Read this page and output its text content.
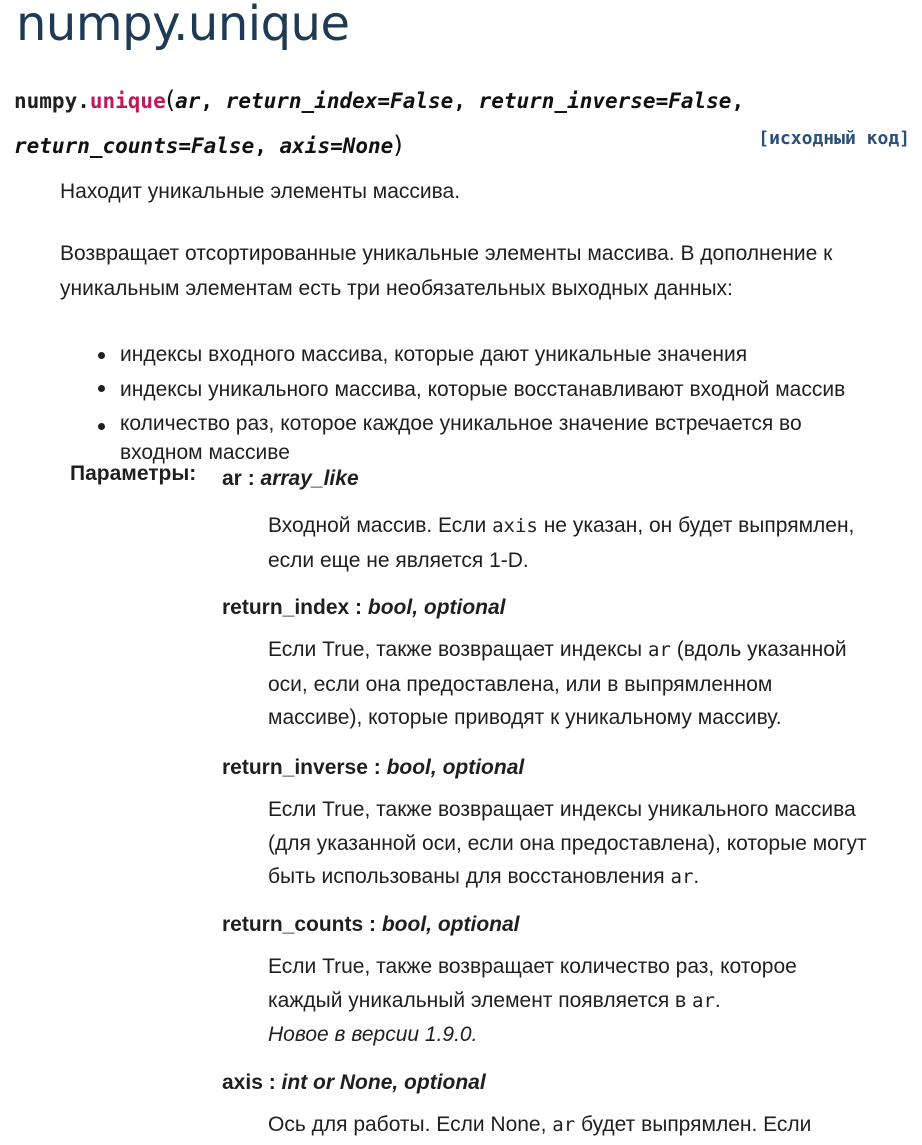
numpy.unique
numpy.unique(ar, return_index=False, return_inverse=False,
return_counts=False, axis=None)	[исходный код]
Находит уникальные элементы массива.
Возвращает отсортированные уникальные элементы массива. В дополнение к
уникальным элементам есть три необязательных выходных данных:
индексы входного массива, которые дают уникальные значения
индексы уникального массива, которые восстанавливают входной массив
количество раз, которое каждое уникальное значение встречается во
входном массиве
Параметры: ar : array_like
Входной массив. Если axis не указан, он будет выпрямлен,
если еще не является 1-D.
return_index : bool, optional
Если True, также возвращает индексы ar (вдоль указанной
оси, если она предоставлена, или в выпрямленном
массиве), которые приводят к уникальному массиву.
return_inverse : bool, optional
Если True, также возвращает индексы уникального массива
(для указанной оси, если она предоставлена), которые могут
быть использованы для восстановления ar.
return_counts : bool, optional
Если True, также возвращает количество раз, которое
каждый уникальный элемент появляется в ar.
Новое в версии 1.9.0.
axis : int or None, optional
Ось для работы. Если None, ar будет выпрямлен. Если
